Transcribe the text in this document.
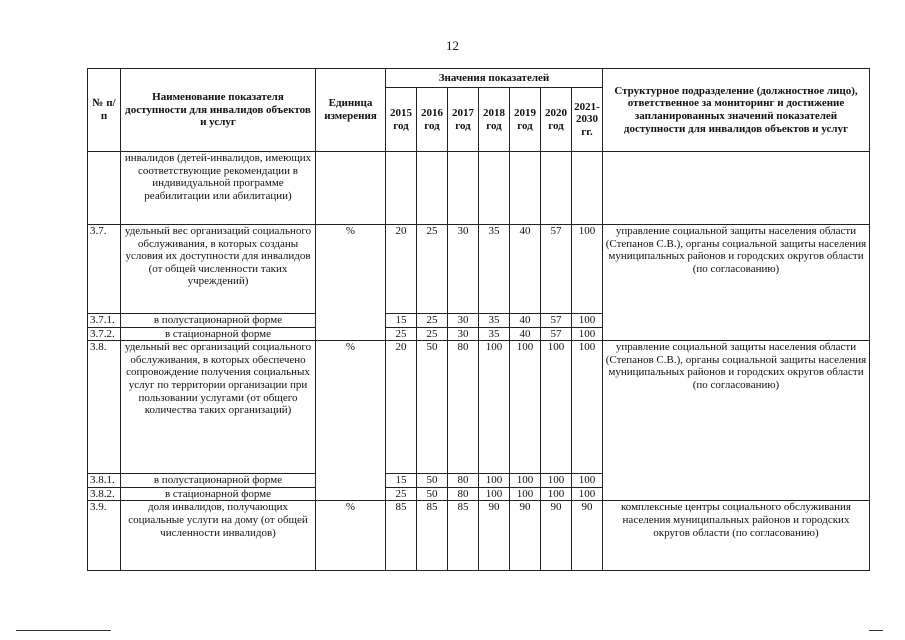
12
№ п/п	Наименование показателя доступности для инвалидов объектов и услуг	Единица измерения	Значения показателей							Структурное подразделение (должностное лицо), ответственное за мониторинг и достижение запланированных значений показателей доступности для инвалидов объектов и услуг
			2015 год	2016 год	2017 год	2018 год	2019 год	2020 год	2021-2030 гг.	
	инвалидов (детей-инвалидов, имеющих соответствующие рекомендации в индивидуальной программе реабилитации или абилитации)									
3.7.	удельный вес организаций социального обслуживания, в которых созданы условия их доступности для инвалидов (от общей численности таких учреждений)	%	20	25	30	35	40	57	100	управление социальной защиты населения области (Степанов С.В.), органы социальной защиты населения муниципальных районов и городских округов области (по согласованию)
3.7.1.	в полустационарной форме		15	25	30	35	40	57	100	
3.7.2.	в стационарной форме		25	25	30	35	40	57	100	
3.8.	удельный вес организаций социального обслуживания, в которых обеспечено сопровождение получения социальных услуг по территории организации при пользовании услугами (от общего количества таких организаций)	%	20	50	80	100	100	100	100	управление социальной защиты населения области (Степанов С.В.), органы социальной защиты населения муниципальных районов и городских округов области (по согласованию)
3.8.1.	в полустационарной форме		15	50	80	100	100	100	100	
3.8.2.	в стационарной форме		25	50	80	100	100	100	100	
3.9.	доля инвалидов, получающих социальные услуги на дому (от общей численности инвалидов)	%	85	85	85	90	90	90	90	комплексные центры социального обслуживания населения муниципальных районов и городских округов области (по согласованию)
